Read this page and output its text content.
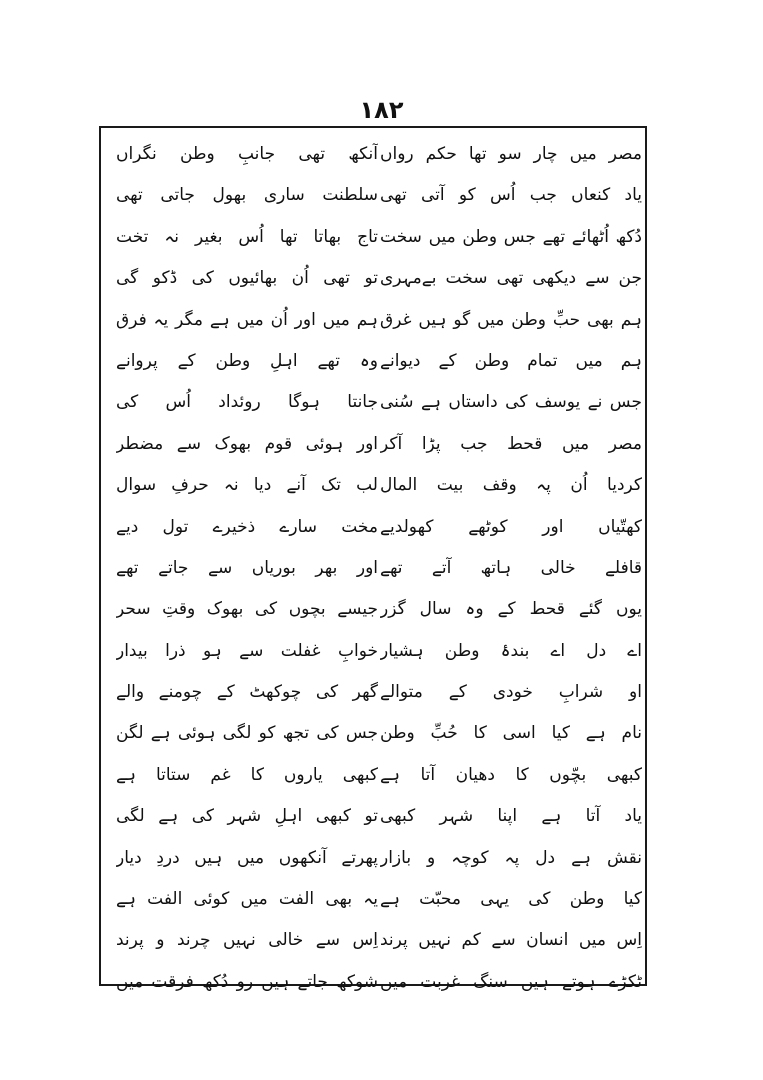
۱۸۲
مصر میں چار سو تھا حکم رواں
یاد کنعاں جب اُس کو آتی تھی
دُکھ اُٹھائے تھے جس وطن میں سخت
جن سے دیکھی تھی سخت بےمہری
ہم بھی حبِّ وطن میں گو ہیں غرق
ہم میں تمام وطن کے دیوانے
جس نے یوسف کی داستاں ہے سُنی
مصر میں قحط جب پڑا آکر
کردیا اُن پہ وقف بیت المال
کھتّیاں اور کوٹھے کھولدیے
قافلے خالی ہاتھ آتے تھے
یوں گئے قحط کے وہ سال گزر
اے دل اے بندۂ وطن ہشیار
او شرابِ خودی کے متوالے
نام ہے کیا اسی کا حُبِّ وطن
کبھی بچّوں کا دھیان آتا ہے
یاد آتا ہے اپنا شہر کبھی
نقش ہے دل پہ کوچہ و بازار
کیا وطن کی یہی محبّت ہے
اِس میں انسان سے کم نہیں پرند
ٹکڑے ہوتے ہیں سنگ غربت میں
آنکھ تھی جانبِ وطن نگراں
سلطنت ساری بھول جاتی تھی
تاج بھاتا تھا اُس بغیر نہ تخت
تو تھی اُن بھائیوں کی ڈکو گی
ہم میں اور اُن میں ہے مگر یہ فرق
وہ تھے اہلِ وطن کے پروانے
جانتا ہوگا روئداد اُس کی
اور ہوئی قوم بھوک سے مضطر
لب تک آنے دیا نہ حرفِ سوال
مخت سارے ذخیرے تول دیے
اور بھر بوریاں سے جاتے تھے
جیسے بچوں کی بھوک وقتِ سحر
خوابِ غفلت سے ہو ذرا بیدار
گھر کی چوکھٹ کے چومنے والے
جس کی تجھ کو لگی ہوئی ہے لگن
کبھی یاروں کا غم ستاتا ہے
تو کبھی اہلِ شہر کی ہے لگی
پھرتے آنکھوں میں ہیں دردِ دیار
یہ بھی الفت میں کوئی الفت ہے
اِس سے خالی نہیں چرند و پرند
شوکھ جاتے ہیں رو دُکھ فرقت میں
